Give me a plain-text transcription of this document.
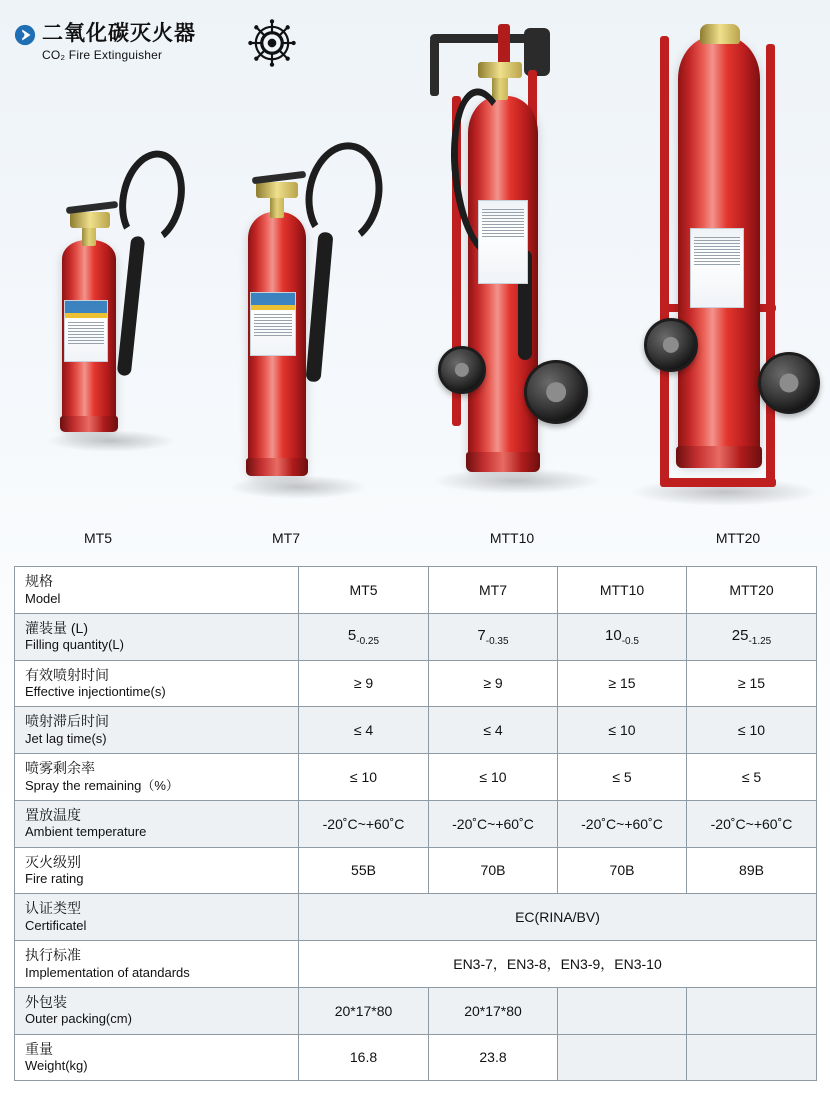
二氧化碳灭火器
CO₂ Fire Extinguisher
MT5	MT7	MTT10	MTT20
规格
Model	MT5	MT7	MTT10	MTT20

灌装量 (L)
Filling quantity(L)	$5_{-0.25}$	$7_{-0.35}$	$10_{-0.5}$	$25_{-1.25}$

有效喷射时间
Effective injectiontime(s)	≥ 9	≥ 9	≥ 15	≥ 15

喷射滞后时间
Jet lag time(s)	≤ 4	≤ 4	≤ 10	≤ 10

喷雾剩余率
Spray the remaining（%）	≤ 10	≤ 10	≤ 5	≤ 5

置放温度
Ambient temperature	-20˚C~+60˚C	-20˚C~+60˚C	-20˚C~+60˚C	-20˚C~+60˚C

灭火级别
Fire rating	55B	70B	70B	89B

认证类型
Certificatel	EC(RINA/BV)			

执行标准
Implementation of atandards	EN3-7，EN3-8，EN3-9，EN3-10			

外包装
Outer packing(cm)	20*17*80	20*17*80		

重量
Weight(kg)	16.8	23.8		
